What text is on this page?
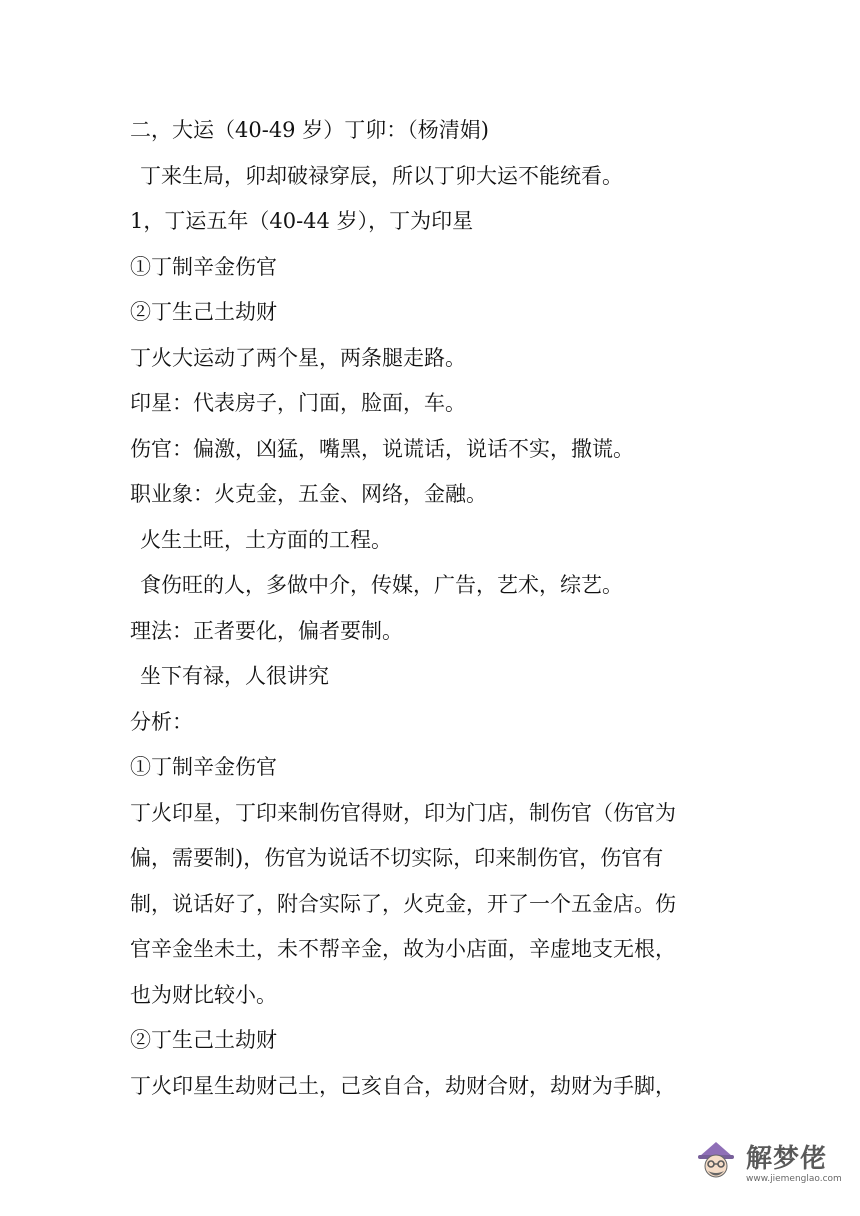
二，大运（40-49 岁）丁卯：（杨清娟)
丁来生局，卯却破禄穿辰，所以丁卯大运不能统看。
1，丁运五年（40-44 岁），丁为印星
①丁制辛金伤官
②丁生己土劫财
丁火大运动了两个星，两条腿走路。
印星：代表房子，门面，脸面，车。
伤官：偏激，凶猛，嘴黑，说谎话，说话不实，撒谎。
职业象：火克金，五金、网络，金融。
火生土旺，土方面的工程。
食伤旺的人，多做中介，传媒，广告，艺术，综艺。
理法：正者要化，偏者要制。
坐下有禄，人很讲究
分析：
①丁制辛金伤官
丁火印星，丁印来制伤官得财，印为门店，制伤官（伤官为
偏，需要制)，伤官为说话不切实际，印来制伤官，伤官有
制，说话好了，附合实际了，火克金，开了一个五金店。伤
官辛金坐未土，未不帮辛金，故为小店面，辛虚地支无根，
也为财比较小。
②丁生己土劫财
丁火印星生劫财己土，己亥自合，劫财合财，劫财为手脚，
解梦佬
www.jiemenglao.com
